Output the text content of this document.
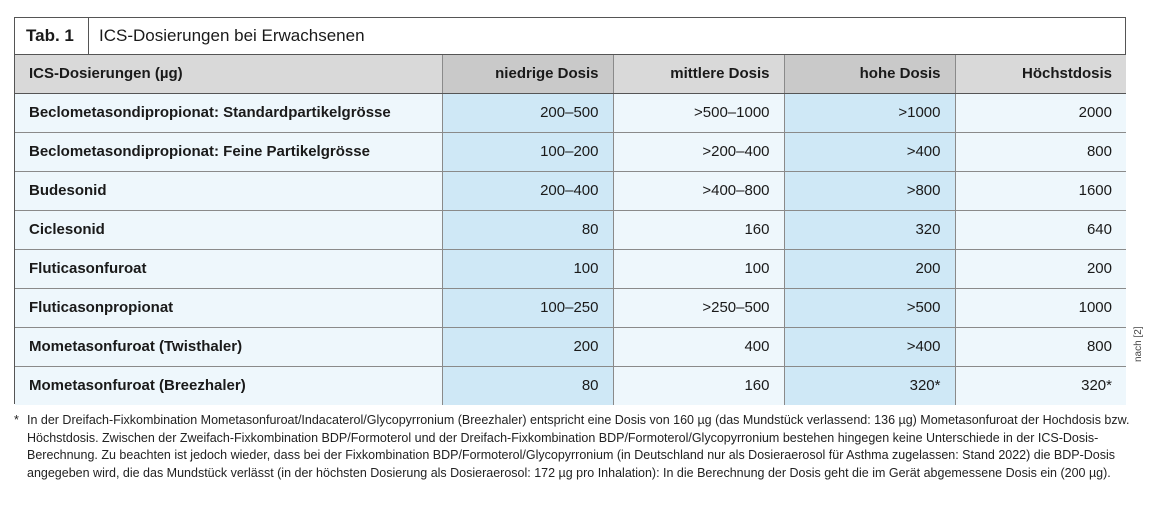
Tab. 1	ICS-Dosierungen bei Erwachsenen
ICS-Dosierungen (µg)	niedrige Dosis	mittlere Dosis	hohe Dosis	Höchstdosis
Beclometasondipropionat: Standardpartikelgrösse	200–500	>500–1000	>1000	2000
Beclometasondipropionat: Feine Partikelgrösse	100–200	>200–400	>400	800
Budesonid	200–400	>400–800	>800	1600
Ciclesonid	80	160	320	640
Fluticasonfuroat	100	100	200	200
Fluticasonpropionat	100–250	>250–500	>500	1000
Mometasonfuroat (Twisthaler)	200	400	>400	800
Mometasonfuroat (Breezhaler)	80	160	320*	320*
nach [2]
* In der Dreifach-Fixkombination Mometasonfuroat/Indacaterol/Glycopyrronium (Breezhaler) entspricht eine Dosis von 160 µg (das Mundstück verlassend: 136 µg) Mometasonfuroat der Hochdosis bzw. Höchstdosis. Zwischen der Zweifach-Fixkombination BDP/Formoterol und der Dreifach-Fixkombination BDP/Formoterol/Glycopyrronium bestehen hingegen keine Unterschiede in der ICS-Dosis-Berechnung. Zu beachten ist jedoch wieder, dass bei der Fixkombination BDP/Formoterol/Glycopyrronium (in Deutschland nur als Dosieraerosol für Asthma zugelassen: Stand 2022) die BDP-Dosis angegeben wird, die das Mundstück verlässt (in der höchsten Dosierung als Dosieraerosol: 172 µg pro Inhalation): In die Berechnung der Dosis geht die im Gerät abgemessene Dosis ein (200 µg).
